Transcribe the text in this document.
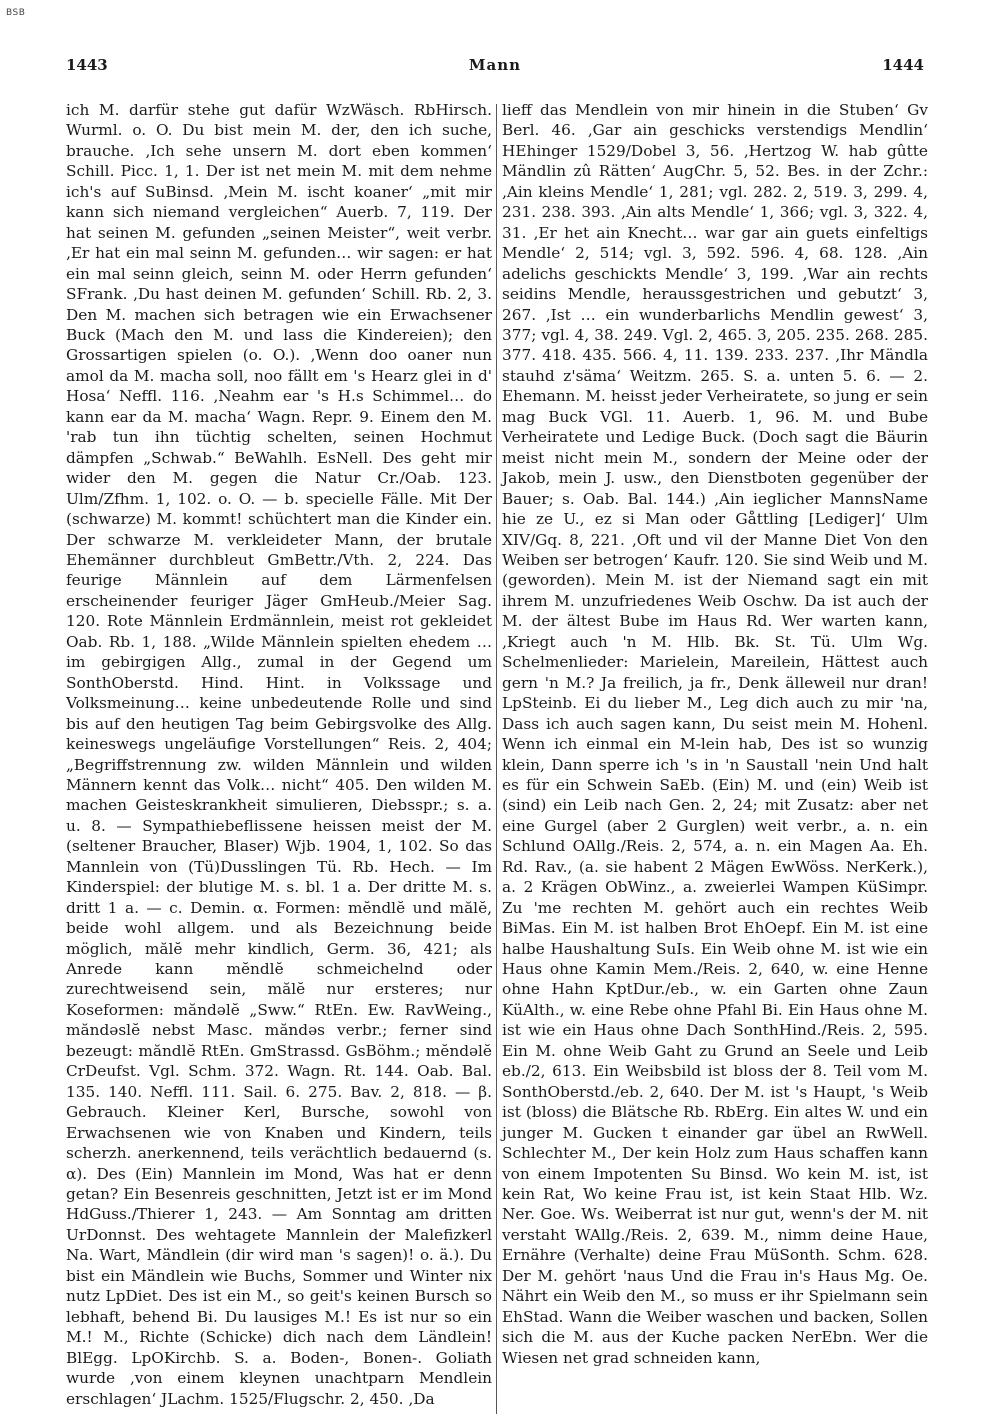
BSB
1443	Mann	1444

ich M. darfür stehe gut dafür WzWäsch. RbHirsch. Wurml. o. O. Du bist mein M. der, den ich suche, brauche. ‚Ich sehe unsern M. dort eben kommen‘ Schill. Picc. 1, 1. Der ist net mein M. mit dem nehme ich's auf SuBinsd. ‚Mein M. ischt koaner‘ „mit mir kann sich niemand vergleichen“ Auerb. 7, 119. Der hat seinen M. gefunden „seinen Meister“, weit verbr. ‚Er hat ein mal seinn M. gefunden… wir sagen: er hat ein mal seinn gleich, seinn M. oder Herrn gefunden‘ SFrank. ‚Du hast deinen M. gefunden‘ Schill. Rb. 2, 3. Den M. machen sich betragen wie ein Erwachsener Buck (Mach den M. und lass die Kindereien); den Grossartigen spielen (o. O.). ‚Wenn doo oaner nun amol da M. macha soll, noo fällt em 's Hearz glei in d' Hosa‘ Neffl. 116. ‚Neahm ear 's H.s Schimmel… do kann ear da M. macha‘ Wagn. Repr. 9. Einem den M. 'rab tun ihn tüchtig schelten, seinen Hochmut dämpfen „Schwab.“ BeWahlh. EsNell. Des geht mir wider den M. gegen die Natur Cr./Oab. 123. Ulm/Zfhm. 1, 102. o. O. — b. specielle Fälle. Mit Der (schwarze) M. kommt! schüchtert man die Kinder ein. Der schwarze M. verkleideter Mann, der brutale Ehemänner durchbleut GmBettr./Vth. 2, 224. Das feurige Männlein auf dem Lärmenfelsen erscheinender feuriger Jäger GmHeub./Meier Sag. 120. Rote Männlein Erdmännlein, meist rot gekleidet Oab. Rb. 1, 188. „Wilde Männlein spielten ehedem … im gebirgigen Allg., zumal in der Gegend um SonthOberstd. Hind. Hint. in Volkssage und Volksmeinung… keine unbedeutende Rolle und sind bis auf den heutigen Tag beim Gebirgsvolke des Allg. keineswegs ungeläufige Vorstellungen“ Reis. 2, 404; „Begriffstrennung zw. wilden Männlein und wilden Männern kennt das Volk… nicht“ 405. Den wilden M. machen Geisteskrankheit simulieren, Diebsspr.; s. a. u. 8. — Sympathiebeflissene heissen meist der M. (seltener Braucher, Blaser) Wjb. 1904, 1, 102. So das Mannlein von (Tü)Dusslingen Tü. Rb. Hech. — Im Kinderspiel: der blutige M. s. bl. 1 a. Der dritte M. s. dritt 1 a. — c. Demin. α. Formen: mĕndlĕ und mălĕ, beide wohl allgem. und als Bezeichnung beide möglich, mălĕ mehr kindlich, Germ. 36, 421; als Anrede kann mĕndlĕ schmeichelnd oder zurechtweisend sein, mălĕ nur ersteres; nur Koseformen: măndəlĕ „Sww.“ RtEn. Ew. RavWeing., măndəslĕ nebst Masc. măndəs verbr.; ferner sind bezeugt: măndlĕ RtEn. GmStrassd. GsBöhm.; mĕndəlĕ CrDeufst. Vgl. Schm. 372. Wagn. Rt. 144. Oab. Bal. 135. 140. Neffl. 111. Sail. 6. 275. Bav. 2, 818. — β. Gebrauch. Kleiner Kerl, Bursche, sowohl von Erwachsenen wie von Knaben und Kindern, teils scherzh. anerkennend, teils verächtlich bedauernd (s. α). Des (Ein) Mannlein im Mond, Was hat er denn getan? Ein Besenreis geschnitten, Jetzt ist er im Mond HdGuss./Thierer 1, 243. — Am Sonntag am dritten UrDonnst. Des wehtagete Mannlein der Malefizkerl Na. Wart, Mändlein (dir wird man 's sagen)! o. ä.). Du bist ein Mändlein wie Buchs, Sommer und Winter nix nutz LpDiet. Des ist ein M., so geit's keinen Bursch so lebhaft, behend Bi. Du lausiges M.! Es ist nur so ein M.! M., Richte (Schicke) dich nach dem Ländlein! BlEgg. LpOKirchb. S. a. Boden-, Bonen-. Goliath wurde ‚von einem kleynen unachtparn Mendlein erschlagen‘ JLachm. 1525/Flugschr. 2, 450. ‚Da

lieff das Mendlein von mir hinein in die Stuben‘ Gv Berl. 46. ‚Gar ain geschicks verstendigs Mendlin‘ HEhinger 1529/Dobel 3, 56. ‚Hertzog W. hab gûtte Mändlin zû Rätten‘ AugChr. 5, 52. Bes. in der Zchr.: ‚Ain kleins Mendle‘ 1, 281; vgl. 282. 2, 519. 3, 299. 4, 231. 238. 393. ‚Ain alts Mendle‘ 1, 366; vgl. 3, 322. 4, 31. ‚Er het ain Knecht… war gar ain guets einfeltigs Mendle‘ 2, 514; vgl. 3, 592. 596. 4, 68. 128. ‚Ain adelichs geschickts Mendle‘ 3, 199. ‚War ain rechts seidins Mendle, heraussgestrichen und gebutzt‘ 3, 267. ‚Ist … ein wunderbarlichs Mendlin gewest‘ 3, 377; vgl. 4, 38. 249. Vgl. 2, 465. 3, 205. 235. 268. 285. 377. 418. 435. 566. 4, 11. 139. 233. 237. ‚Ihr Mändla stauhd z'säma‘ Weitzm. 265. S. a. unten 5. 6. — 2. Ehemann. M. heisst jeder Verheiratete, so jung er sein mag Buck VGl. 11. Auerb. 1, 96. M. und Bube Verheiratete und Ledige Buck. (Doch sagt die Bäurin meist nicht mein M., sondern der Meine oder der Jakob, mein J. usw., den Dienstboten gegenüber der Bauer; s. Oab. Bal. 144.) ‚Ain ieglicher MannsName hie ze U., ez si Man oder Gåttling [Lediger]‘ Ulm XIV/Gq. 8, 221. ‚Oft und vil der Manne Diet Von den Weiben ser betrogen‘ Kaufr. 120. Sie sind Weib und M. (geworden). Mein M. ist der Niemand sagt ein mit ihrem M. unzufriedenes Weib Oschw. Da ist auch der M. der ältest Bube im Haus Rd. Wer warten kann, ‚Kriegt auch 'n M. Hlb. Bk. St. Tü. Ulm Wg. Schelmenlieder: Marielein, Mareilein, Hättest auch gern 'n M.? Ja freilich, ja fr., Denk älleweil nur dran! LpSteinb. Ei du lieber M., Leg dich auch zu mir 'na, Dass ich auch sagen kann, Du seist mein M. Hohenl. Wenn ich einmal ein M-lein hab, Des ist so wunzig klein, Dann sperre ich 's in 'n Saustall 'nein Und halt es für ein Schwein SaEb. (Ein) M. und (ein) Weib ist (sind) ein Leib nach Gen. 2, 24; mit Zusatz: aber net eine Gurgel (aber 2 Gurglen) weit verbr., a. n. ein Schlund OAllg./Reis. 2, 574, a. n. ein Magen Aa. Eh. Rd. Rav., (a. sie habent 2 Mägen EwWöss. NerKerk.), a. 2 Krägen ObWinz., a. zweierlei Wampen KüSimpr. Zu 'me rechten M. gehört auch ein rechtes Weib BiMas. Ein M. ist halben Brot EhOepf. Ein M. ist eine halbe Haushaltung SuIs. Ein Weib ohne M. ist wie ein Haus ohne Kamin Mem./Reis. 2, 640, w. eine Henne ohne Hahn KptDur./eb., w. ein Garten ohne Zaun KüAlth., w. eine Rebe ohne Pfahl Bi. Ein Haus ohne M. ist wie ein Haus ohne Dach SonthHind./Reis. 2, 595. Ein M. ohne Weib Gaht zu Grund an Seele und Leib eb./2, 613. Ein Weibsbild ist bloss der 8. Teil vom M. SonthOberstd./eb. 2, 640. Der M. ist 's Haupt, 's Weib ist (bloss) die Blätsche Rb. RbErg. Ein altes W. und ein junger M. Gucken t einander gar übel an RwWell. Schlechter M., Der kein Holz zum Haus schaffen kann von einem Impotenten Su Binsd. Wo kein M. ist, ist kein Rat, Wo keine Frau ist, ist kein Staat Hlb. Wz. Ner. Goe. Ws. Weiberrat ist nur gut, wenn's der M. nit verstaht WAllg./Reis. 2, 639. M., nimm deine Haue, Ernähre (Verhalte) deine Frau MüSonth. Schm. 628. Der M. gehört 'naus Und die Frau in's Haus Mg. Oe. Nährt ein Weib den M., so muss er ihr Spielmann sein EhStad. Wann die Weiber waschen und backen, Sollen sich die M. aus der Kuche packen NerEbn. Wer die Wiesen net grad schneiden kann,
